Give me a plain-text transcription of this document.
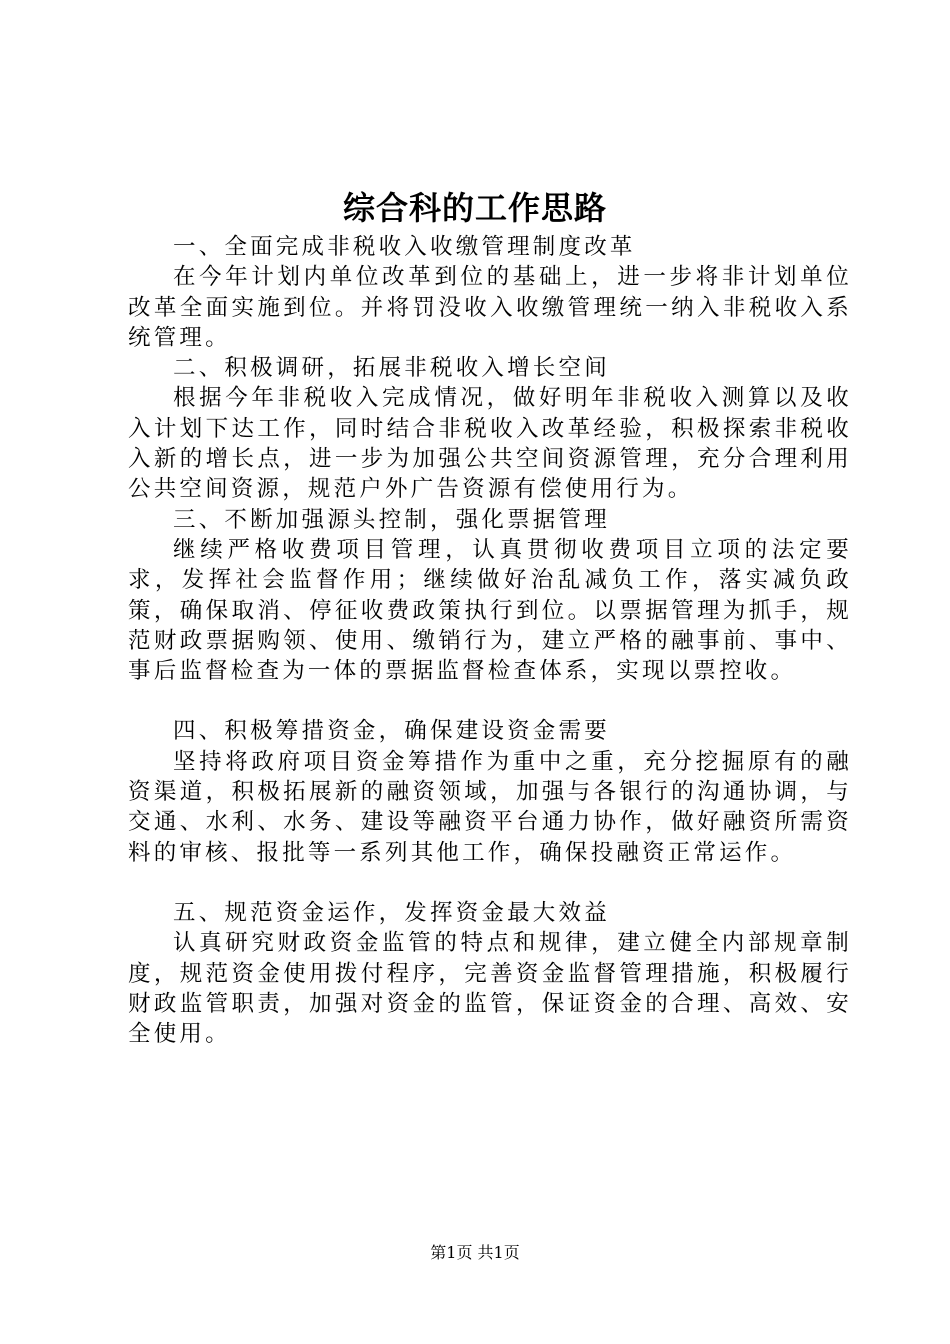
综合科的工作思路

一、全面完成非税收入收缴管理制度改革

在今年计划内单位改革到位的基础上，进一步将非计划单位改革全面实施到位。并将罚没收入收缴管理统一纳入非税收入系统管理。

二、积极调研，拓展非税收入增长空间

根据今年非税收入完成情况，做好明年非税收入测算以及收入计划下达工作，同时结合非税收入改革经验，积极探索非税收入新的增长点，进一步为加强公共空间资源管理，充分合理利用公共空间资源，规范户外广告资源有偿使用行为。

三、不断加强源头控制，强化票据管理

继续严格收费项目管理，认真贯彻收费项目立项的法定要求，发挥社会监督作用；继续做好治乱减负工作，落实减负政策，确保取消、停征收费政策执行到位。以票据管理为抓手，规范财政票据购领、使用、缴销行为，建立严格的融事前、事中、事后监督检查为一体的票据监督检查体系，实现以票控收。

四、积极筹措资金，确保建设资金需要

坚持将政府项目资金筹措作为重中之重，充分挖掘原有的融资渠道，积极拓展新的融资领域，加强与各银行的沟通协调，与交通、水利、水务、建设等融资平台通力协作，做好融资所需资料的审核、报批等一系列其他工作，确保投融资正常运作。

五、规范资金运作，发挥资金最大效益

认真研究财政资金监管的特点和规律，建立健全内部规章制度，规范资金使用拨付程序，完善资金监督管理措施，积极履行财政监管职责，加强对资金的监管，保证资金的合理、高效、安全使用。

第1页 共1页
